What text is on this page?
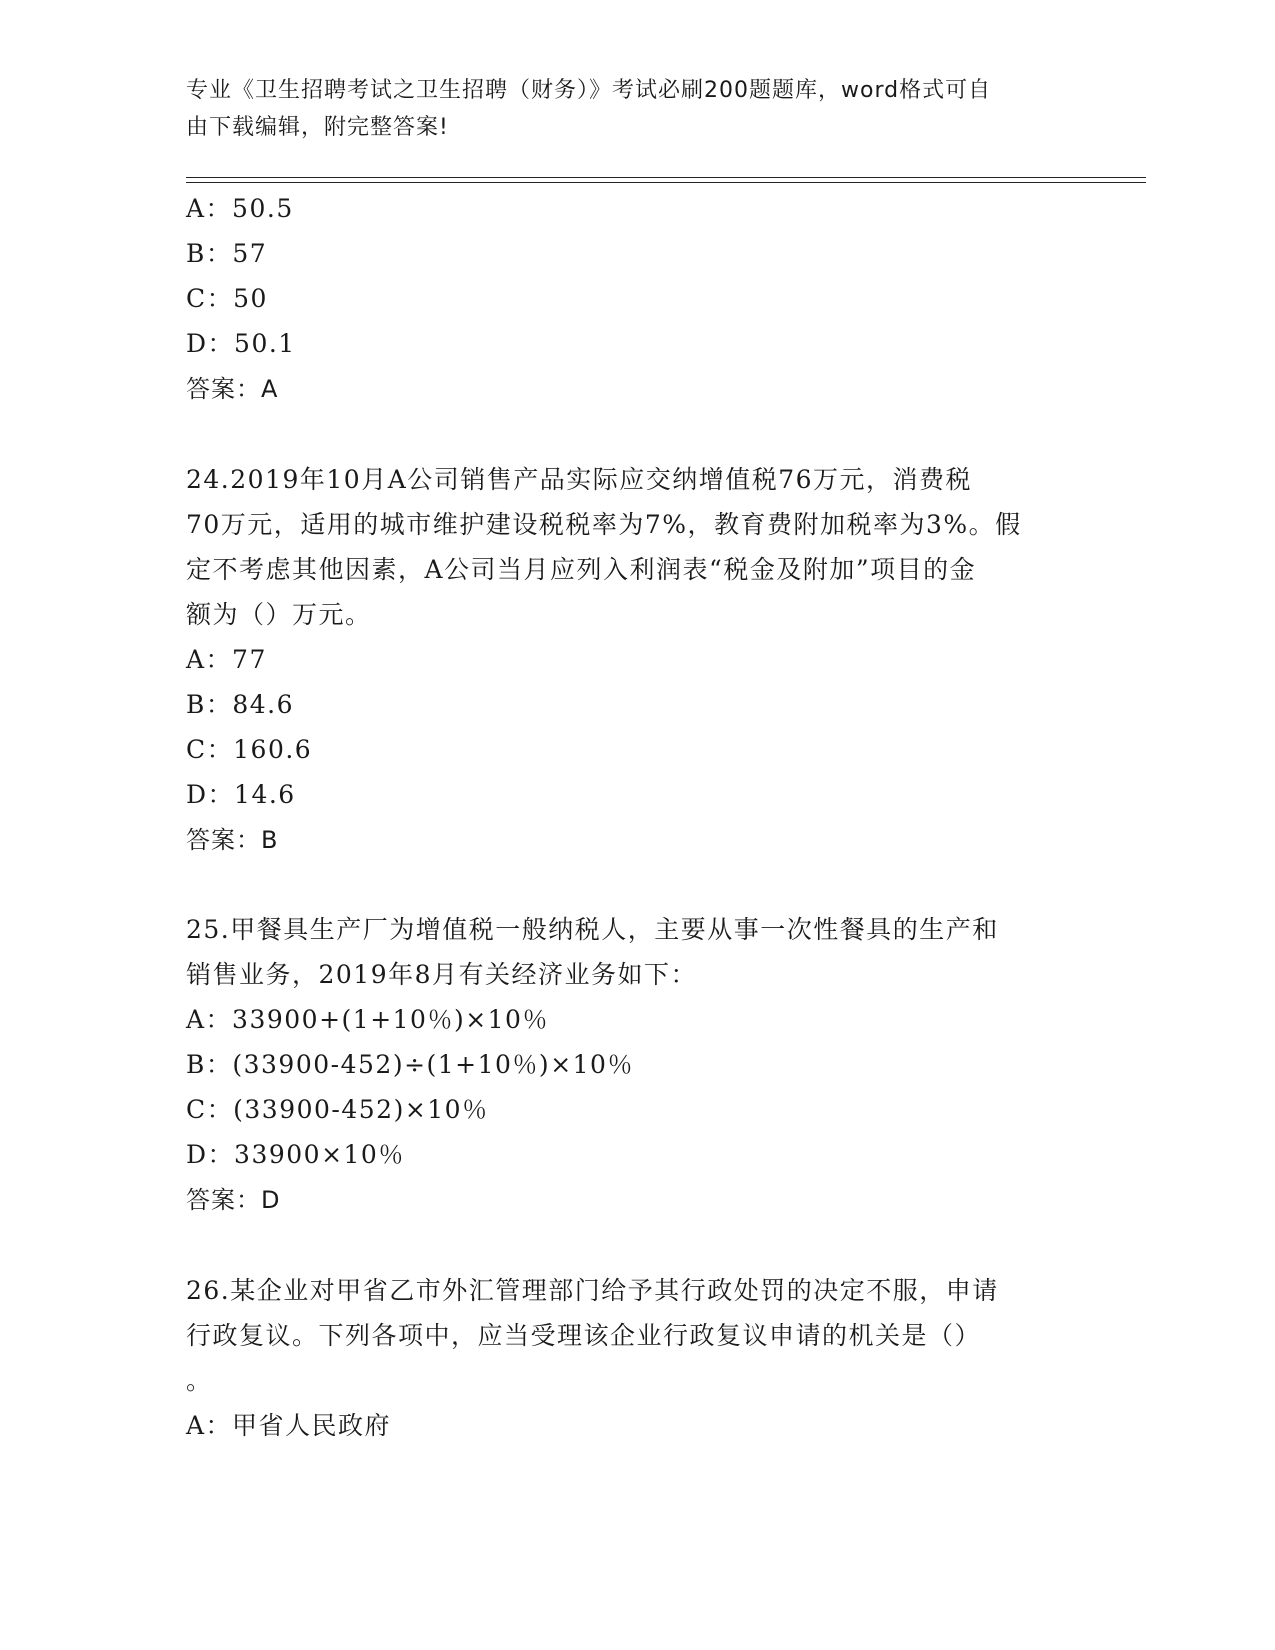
专业《卫生招聘考试之卫生招聘（财务）》考试必刷200题题库，word格式可自
由下载编辑，附完整答案!
A：50.5
B：57
C：50
D：50.1
答案：A
24.2019年10月A公司销售产品实际应交纳增值税76万元，消费税
70万元，适用的城市维护建设税税率为7%，教育费附加税率为3%。假
定不考虑其他因素，A公司当月应列入利润表“税金及附加”项目的金
额为（）万元。
A：77
B：84.6
C：160.6
D：14.6
答案：B
25.甲餐具生产厂为增值税一般纳税人，主要从事一次性餐具的生产和
销售业务，2019年8月有关经济业务如下：
A：33900+(1+10％)×10％
B：(33900-452)÷(1+10％)×10％
C：(33900-452)×10％
D：33900×10％
答案：D
26.某企业对甲省乙市外汇管理部门给予其行政处罚的决定不服，申请
行政复议。下列各项中，应当受理该企业行政复议申请的机关是（）
。
A：甲省人民政府
